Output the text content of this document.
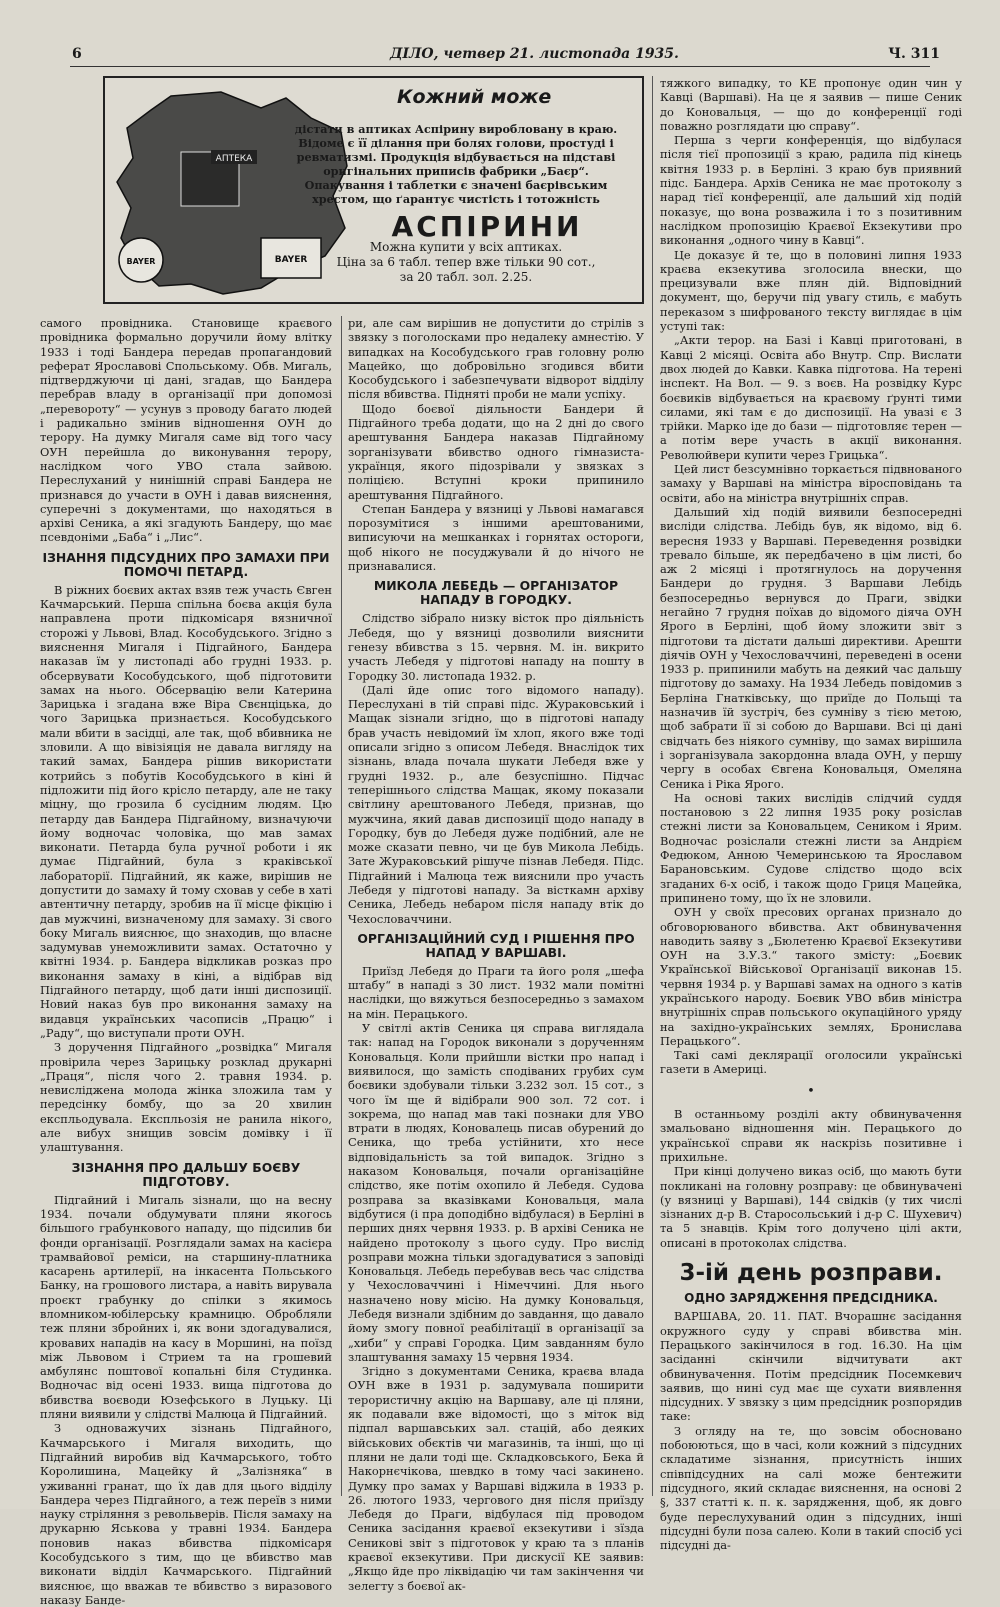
6	ДІЛО, четвер 21. листопада 1935.	Ч. 311
АПТЕКА
BAYER
BAYER
Кожний може
дістати в аптиках Аспірину виробловану в краю. Відоме є її ділання при болях голови, простуді і ревматизмі. Продукція відбувається на підставі оригінальних приписів фабрики „Баєр“. Опакування і таблетки є значені баєрівським хрестом, що ґарантує чистість і тотожність
АСПІРИНИ
Можна купити у всіх аптиках.
Ціна за 6 табл. тепер вже тільки 90 сот.,
за 20 табл. зол. 2.25.

самого провідника. Становище краєвого провідника формально доручили йому влітку 1933 і тоді Бандера передав пропагандовий реферат Ярославові Спольському. Обв. Мигаль, підтверджуючи ці дані, згадав, що Бандера перебрав владу в організації при допомозі „перевороту“ — усунув з проводу багато людей і радикально змінив відношення ОУН до терору. На думку Мигаля саме від того часу ОУН перейшла до виконування терору, наслідком чого УВО стала зайвою. Переслуханий у нинішній справі Бандера не признався до участи в ОУН і давав вияснення, суперечні з документами, що находяться в архіві Сеника, а які згадують Бандеру, що має псевдоніми „Баба“ і „Лис“.

ІЗНАННЯ ПІДСУДНИХ ПРО ЗАМАХИ ПРИ ПОМОЧІ ПЕТАРД.

В ріжних боєвих актах взяв теж участь Євген Качмарський. Перша спільна боєва акція була направлена проти підкомісаря вязничної сторожі у Львові, Влад. Кособудського. Згідно з вияснення Мигаля і Підгайного, Бандера наказав їм у листопаді або грудні 1933. р. обсервувати Кособудського, щоб підготовити замах на нього. Обсервацію вели Катерина Зарицька і згадана вже Віра Свєнціцька, до чого Зарицька признається. Кособудського мали вбити в засідці, але так, щоб вбивника не зловили. А що вівізіяція не давала вигляду на такий замах, Бандера рішив використати котрийсь з побутів Кособудського в кіні й підложити під його крісло петарду, але не таку міцну, що грозила б сусідним людям. Цю петарду дав Бандера Підгайному, визначуючи йому водночас чоловіка, що мав замах виконати. Петарда була ручної роботи і як думає Підгайний, була з краківської лабораторії. Підгайний, як каже, вирішив не допустити до замаху й тому сховав у себе в хаті автентичну петарду, зробив на її місце фікцію і дав мужчині, визначеному для замаху. Зі свого боку Мигаль вияснює, що знаходив, що власне задумував унеможливити замах. Остаточно у квітні 1934. р. Бандера відкликав розказ про виконання замаху в кіні, а відібрав від Підгайного петарду, щоб дати інші диспозиції. Новий наказ був про виконання замаху на видавця українських часописів „Працю“ і „Раду“, що виступали проти ОУН.

З доручення Підгайного „розвідка“ Мигаля провірила через Зарицьку розклад друкарні „Праця“, після чого 2. травня 1934. р. невисліджена молода жінка зложила там у передсінку бомбу, що за 20 хвилин експльодувала. Експльозія не ранила нікого, але вибух знищив зовсім домівку і її улаштування.

ЗІЗНАННЯ ПРО ДАЛЬШУ БОЄВУ ПІДГОТОВУ.

Підгайний і Мигаль зізнали, що на весну 1934. почали обдумувати пляни якогось більшого грабункового нападу, що підсилив би фонди організації. Розглядали замах на касієра трамвайової реміси, на старшину-платника касарень артилерії, на інкасента Польського Банку, на грошового листара, а навіть вирувала проєкт грабунку до спілки з якимось вломником-юбілерську крамницю. Обробляли теж пляни збройних і, як вони здогадувалися, кровавих нападів на касу в Моршині, на поїзд між Львовом і Стрием та на грошевий амбулянс поштової копальні біля Студинка. Водночас від осені 1933. вища підготова до вбивства воєводи Юзефського в Луцьку. Ці пляни виявили у слідстві Малюца й Підгайний.

З одноважучих зізнань Підгайного, Качмарського і Мигаля виходить, що Підгайний виробив від Качмарського, тобто Королишина, Мацейку й „Залізняка“ в уживанні гранат, що їх дав для цього відділу Бандера через Підгайного, а теж переїв з ними науку стріляння з револьверів. Після замаху на друкарню Яськова у травні 1934. Бандера поновив наказ вбивства підкомісаря Кособудського з тим, що це вбивство мав виконати відділ Качмарського. Підгайний вияснює, що вважав те вбивство з виразового наказу Банде-

ри, але сам вирішив не допустити до стрілів з звязку з поголосками про недалеку амнестію. У випадках на Кособудського грав головну ролю Мацейко, що добровільно згодився вбити Кособудського і забезпечувати відворот відділу після вбивства. Підняті проби не мали успіху.

Щодо боєвої діяльности Бандери й Підгайного треба додати, що на 2 дні до свого арештування Бандера наказав Підгайному зорганізувати вбивство одного гімназиста-українця, якого підозрівали у звязках з поліцією. Вступні кроки припинило арештування Підгайного.

Степан Бандера у вязниці у Львові намагався порозумітися з іншими арештованими, виписуючи на мешканках і горнятах остороги, щоб нікого не посуджували й до нічого не признавалися.

МИКОЛА ЛЕБЕДЬ — ОРГАНІЗАТОР НАПАДУ В ГОРОДКУ.

Слідство зібрало низку вісток про діяльність Лебедя, що у вязниці дозволили вияснити генезу вбивства з 15. червня. М. ін. викрито участь Лебедя у підготові нападу на пошту в Городку 30. листопада 1932. р.

(Далі йде опис того відомого нападу). Переслухані в тій справі підс. Жураковський і Мащак зізнали згідно, що в підготові нападу брав участь невідомий їм хлоп, якого вже тоді описали згідно з описом Лебедя. Внаслідок тих зізнань, влада почала шукати Лебедя вже у грудні 1932. р., але безуспішно. Підчас теперішнього слідства Мащак, якому показали світлину арештованого Лебедя, признав, що мужчина, який давав диспозиції щодо нападу в Городку, був до Лебедя дуже подібний, але не може сказати певно, чи це був Микола Лебідь. Зате Жураковський рішуче пізнав Лебедя. Підс. Підгайний і Малюца теж вияснили про участь Лебедя у підготові нападу. За вісткамн архіву Сеника, Лебедь небаром після нападу втік до Чехословаччини.

ОРГАНІЗАЦІЙНИЙ СУД І РІШЕННЯ ПРО НАПАД У ВАРШАВІ.

Приїзд Лебедя до Праги та його роля „шефа штабу“ в нападі з 30 лист. 1932 мали помітні наслідки, що вяжуться безпосередньо з замахом на мін. Перацького.

У світлі актів Сеника ця справа виглядала так: напад на Городок виконали з дорученням Коновальця. Коли прийшли вістки про напад і виявилося, що замість сподіваних грубих сум боєвики здобували тільки 3.232 зол. 15 сот., з чого їм ще й відібрали 900 зол. 72 сот. і зокрема, що напад мав такі познаки для УВО втрати в людях, Коновалець писав обурений до Сеника, що треба устійнити, хто несе відповідальність за той випадок. Згідно з наказом Коновальця, почали організаційне слідство, яке потім охопило й Лебедя. Судова розправа за вказівками Коновальця, мала відбутися (і пра доподібно відбулася) в Берліні в перших днях червня 1933. р. В архіві Сеника не найдено протоколу з цього суду. Про вислід розправи можна тільки здогадуватися з заповіді Коновальця. Лебедь перебував весь час слідства у Чехословаччині і Німеччині. Для нього назначено нову місію. На думку Коновальця, Лебедя визнали здібним до завдання, що давало йому змогу повної реабілітації в організації за „хиби“ у справі Городка. Цим завданням було злаштування замаху 15 червня 1934.

Згідно з документами Сеника, краєва влада ОУН вже в 1931 р. задумувала поширити терористичну акцію на Варшаву, але ці пляни, як подавали вже відомості, що з міток від підпал варшавських зал. стацій, або деяких військових обєктів чи магазинів, та інші, що ці пляни не дали тоді ще. Складковського, Бека й Накорнєчікова, шевдко в тому часі закинено. Думку про замах у Варшаві віджила в 1933 р. 26. лютого 1933, чергового дня після приїзду Лебедя до Праги, відбулася під проводом Сеника засідання краєвої екзекутиви і зїзда Сеникові звіт з підготовок у краю та з планів краєвої екзекутиви. При дискусії КЕ заявив: „Якщо йде про ліквідацію чи там закінчення чи зелегту з боєвої ак-

тяжкого випадку, то КЕ пропонує один чин у Кавці (Варшаві). На це я заявив — пише Сеник до Коновальця, — що до конференції годі поважно розглядати цю справу“.

Перша з черги конференція, що відбулася після тієї пропозиції з краю, радила під кінець квітня 1933 р. в Берліні. З краю був приявний підс. Бандера. Архів Сеника не має протоколу з нарад тієї конференції, але дальший хід подій показує, що вона розважила і то з позитивним наслідком пропозицію Краєвої Екзекутиви про виконання „одного чину в Кавці“.

Це доказує й те, що в половині липня 1933 краєва екзекутива зголосила внески, що прецизували вже плян дій. Відповідний документ, що, беручи під увагу стиль, є мабуть переказом з шифрованого тексту виглядає в цім уступі так:

„Акти терор. на Базі і Кавці приготовані, в Кавці 2 місяці. Освіта або Внутр. Спр. Вислати двох людей до Кавки. Кавка підготова. На терені інспект. На Вол. — 9. з воєв. На розвідку Курс боєвиків відбувається на краєвому ґрунті тими силами, які там є до диспозиції. На увазі є 3 трійки. Марко іде до бази — підготовляє терен — а потім вере участь в акції виконання. Революйвери купити через Грицька“.

Цей лист безсумнівно торкається підвнованого замаху у Варшаві на міністра віросповідань та освіти, або на міністра внутрішніх справ.

Дальший хід подій виявили безпосередні висліди слідства. Лебідь був, як відомо, від 6. вересня 1933 у Варшаві. Переведення розвідки тревало більше, як передбачено в цім листі, бо аж 2 місяці і протягнулось на доручення Бандери до грудня. З Варшави Лебідь безпосередньо вернувся до Праги, звідки негайно 7 грудня поїхав до відомого діяча ОУН Ярого в Берліні, щоб йому зложити звіт з підготови та дістати дальші директиви. Арешти діячів ОУН у Чехословаччині, переведені в осени 1933 р. припинили мабуть на деякий час дальшу підготову до замаху. На 1934 Лебедь повідомив з Берліна Гнатківську, що приїде до Польщі та назначив їй зустріч, без сумніву з тією метою, щоб забрати її зі собою до Варшави. Всі ці дані свідчать без ніякого сумніву, що замах вирішила і зорганізувала закордонна влада ОУН, у першу чергу в особах Євгена Коновальця, Омеляна Сеника і Ріка Ярого.

На основі таких вислідів слідчий суддя постановою з 22 липня 1935 року розіслав стежні листи за Коновальцем, Сеником і Ярим. Водночас розіслали стежні листи за Андрієм Федюком, Анною Чемеринською та Ярославом Барановським. Судове слідство щодо всіх згаданих 6-х осіб, і також щодо Гриця Мацейка, припинено тому, що їх не зловили.

ОУН у своїх пресових органах признало до обговорюваного вбивства. Акт обвинувачення наводить заяву з „Бюлетеню Краєвої Екзекутиви ОУН на З.У.З.“ такого змісту: „Боєвик Української Військової Організації виконав 15. червня 1934 р. у Варшаві замах на одного з катів українського народу. Боєвик УВО вбив міністра внутрішніх справ польського окупаційного уряду на західно-українських землях, Бронислава Перацького“.

Такі самі деклярації оголосили українські газети в Америці.

•

В останньому розділі акту обвинувачення змальовано відношення мін. Перацького до української справи як наскрізь позитивне і прихильне.

При кінці долучено виказ осіб, що мають бути покликані на головну розправу: це обвинувачені (у вязниці у Варшаві), 144 свідків (у тих числі зізнаних д-р В. Старосольський і д-р С. Шухевич) та 5 знавців. Крім того долучено цілі акти, описані в протоколах слідства.

3-ій день розправи.
ОДНО ЗАРЯДЖЕННЯ ПРЕДСІДНИКА.

ВАРШАВА, 20. 11. ПАТ. Вчорашнє засідання окружного суду у справі вбивства мін. Перацького закінчилося в год. 16.30. На цім засіданні скінчили відчитувати акт обвинувачення. Потім предсідник Посемкевич заявив, що нині суд має ще сухати виявлення підсудних. У звязку з цим предсідник розпорядив таке:

З огляду на те, що зовсім обосновано побоюються, що в часі, коли кожний з підсудних складатиме зізнання, присутність інших співпідсудних на салі може бентежити підсудного, який складає вияснення, на основі 2 §, 337 статті к. п. к. зарядження, щоб, як довго буде переслухуваний один з підсудних, інші підсудні були поза салею. Коли в такий спосіб усі підсудні да-
